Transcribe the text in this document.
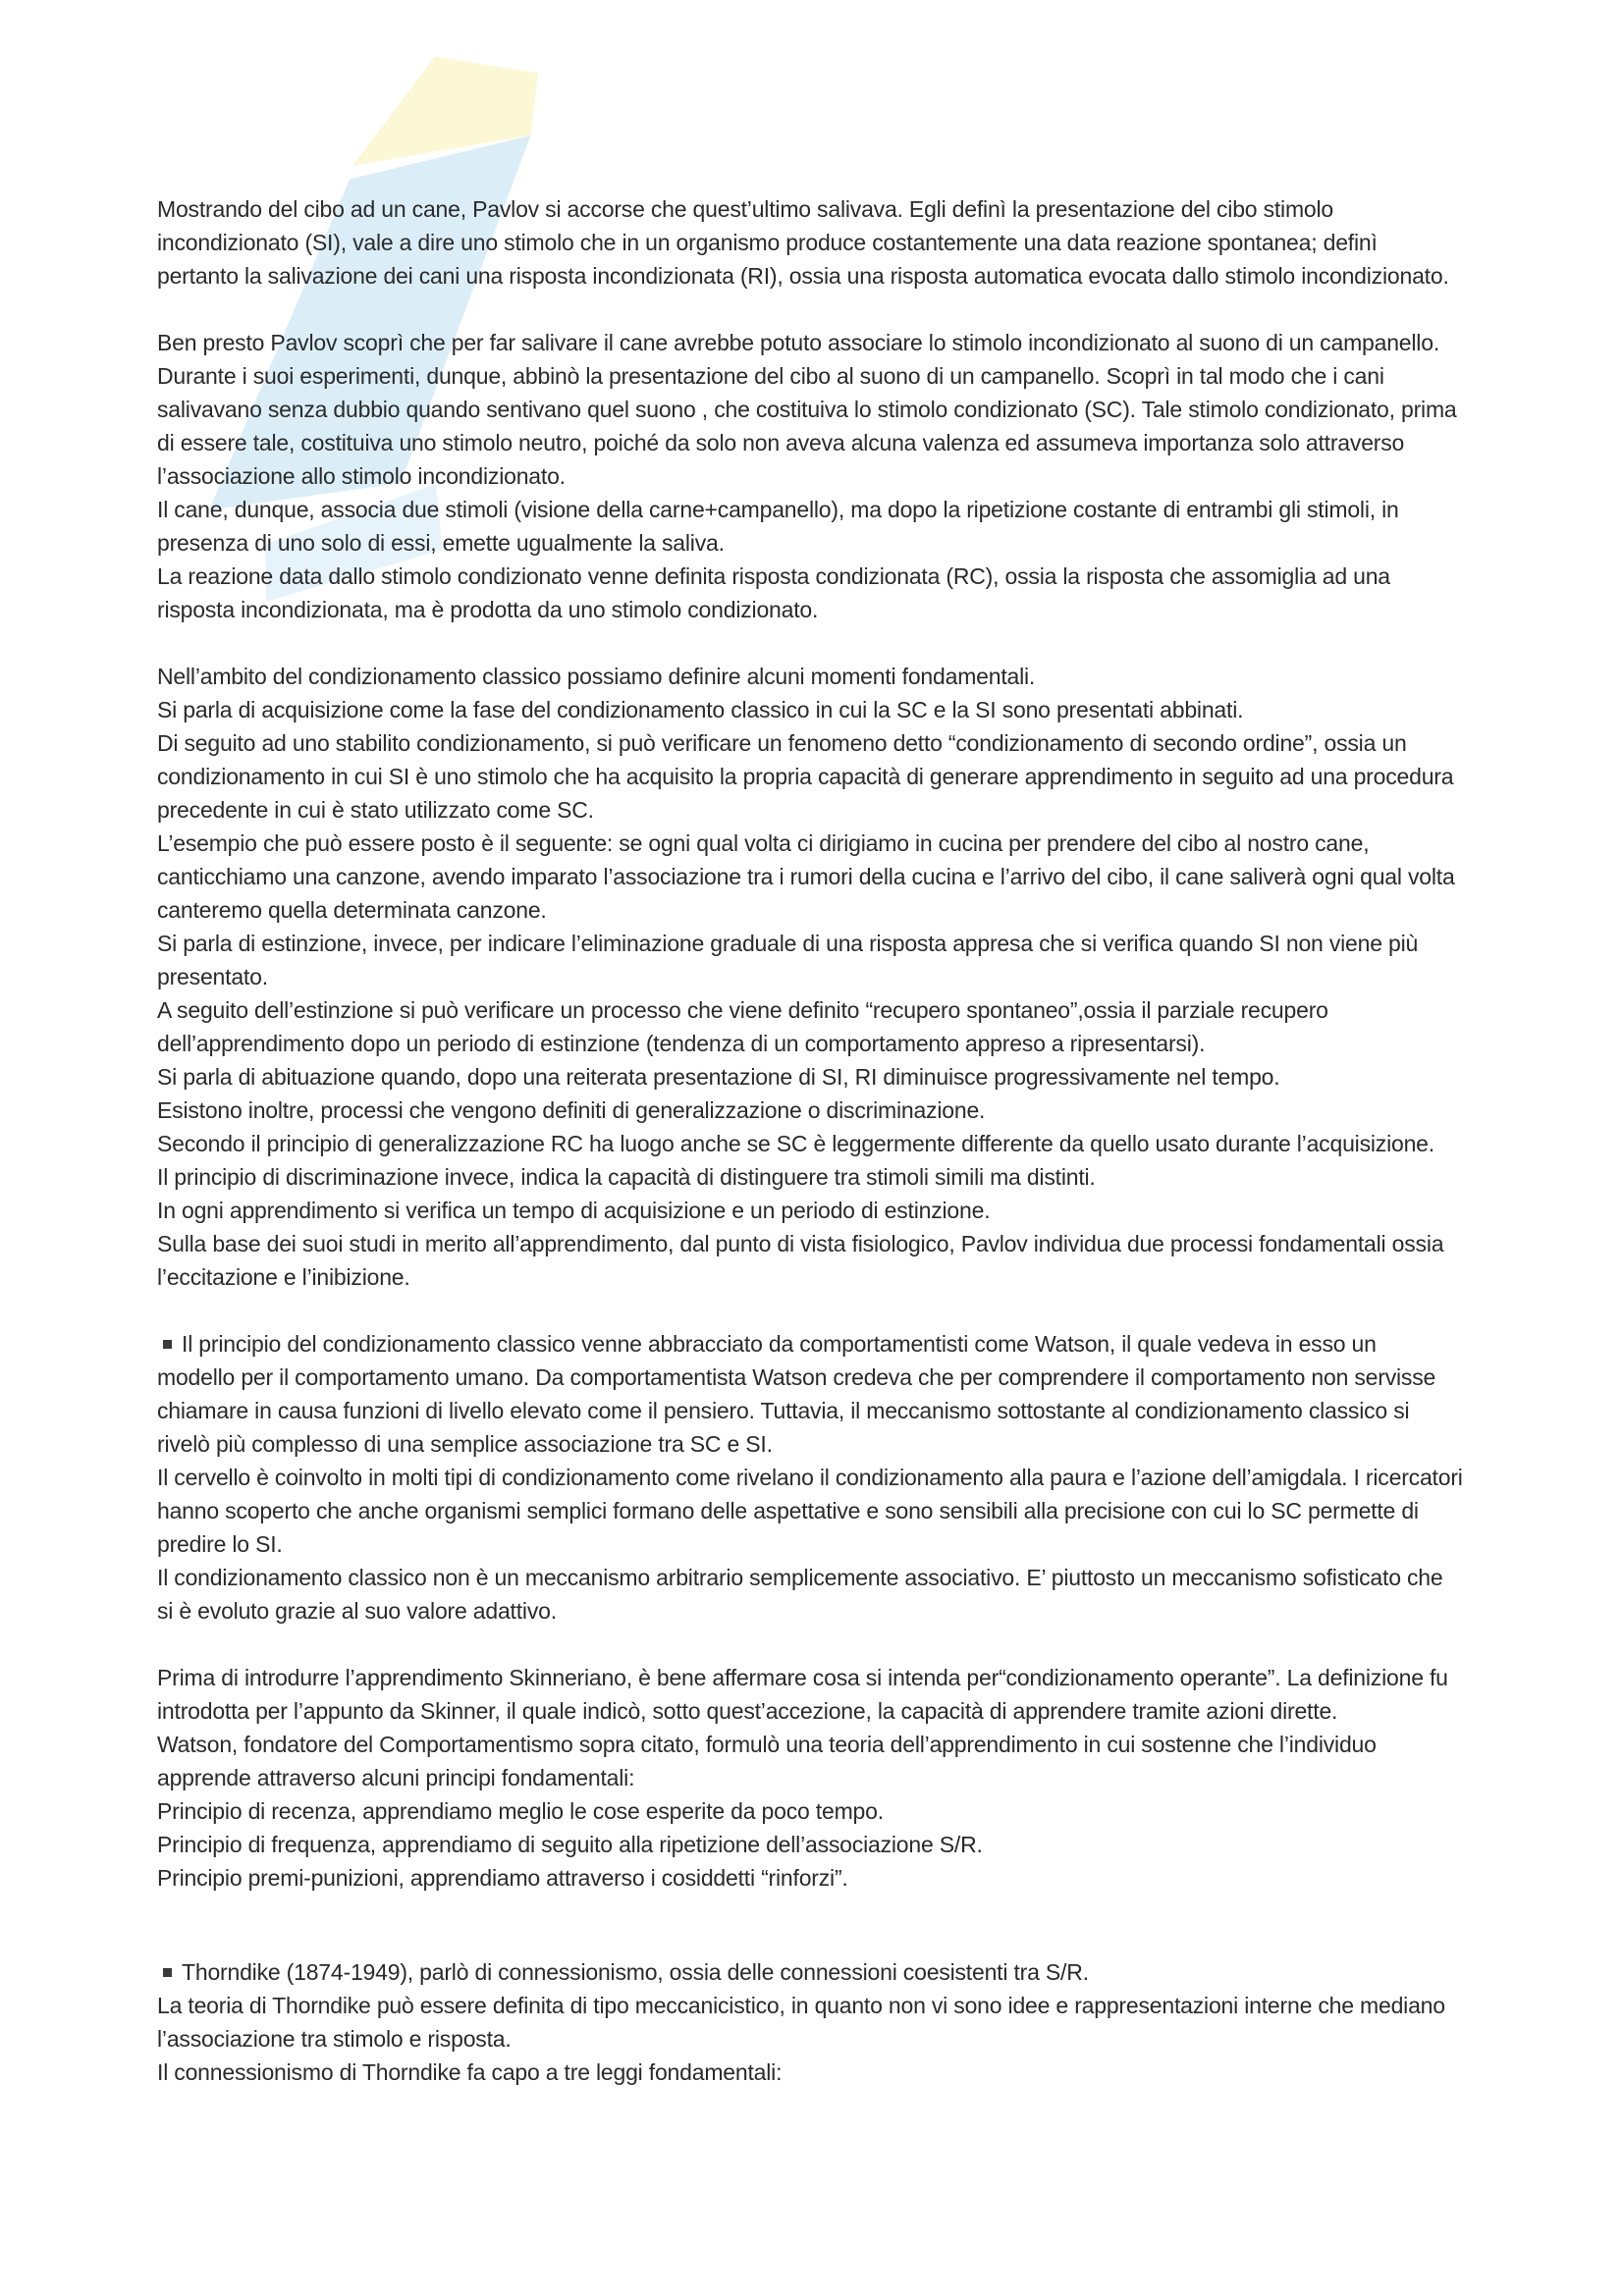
Mostrando del cibo ad un cane, Pavlov si accorse che quest’ultimo salivava. Egli definì la presentazione del cibo stimolo
incondizionato (SI), vale a dire uno stimolo che in un organismo produce costantemente una data reazione spontanea; definì
pertanto la salivazione dei cani una risposta incondizionata (RI), ossia una risposta automatica evocata dallo stimolo incondizionato.
Ben presto Pavlov scoprì che per far salivare il cane avrebbe potuto associare lo stimolo incondizionato al suono di un campanello.
Durante i suoi esperimenti, dunque, abbinò la presentazione del cibo al suono di un campanello. Scoprì in tal modo che i cani
salivavano senza dubbio quando sentivano quel suono , che costituiva lo stimolo condizionato (SC). Tale stimolo condizionato, prima
di essere tale, costituiva uno stimolo neutro, poiché da solo non aveva alcuna valenza ed assumeva importanza solo attraverso
l’associazione allo stimolo incondizionato.
Il cane, dunque, associa due stimoli (visione della carne+campanello), ma dopo la ripetizione costante di entrambi gli stimoli, in
presenza di uno solo di essi, emette ugualmente la saliva.
La reazione data dallo stimolo condizionato venne definita risposta condizionata (RC), ossia la risposta che assomiglia ad una
risposta incondizionata, ma è prodotta da uno stimolo condizionato.
Nell’ambito del condizionamento classico possiamo definire alcuni momenti fondamentali.
Si parla di acquisizione come la fase del condizionamento classico in cui la SC e la SI sono presentati abbinati.
Di seguito ad uno stabilito condizionamento, si può verificare un fenomeno detto “condizionamento di secondo ordine”, ossia un
condizionamento in cui SI è uno stimolo che ha acquisito la propria capacità di generare apprendimento in seguito ad una procedura
precedente in cui è stato utilizzato come SC.
L’esempio che può essere posto è il seguente: se ogni qual volta ci dirigiamo in cucina per prendere del cibo al nostro cane,
canticchiamo una canzone, avendo imparato l’associazione tra i rumori della cucina e l’arrivo del cibo, il cane saliverà ogni qual volta
canteremo quella determinata canzone.
Si parla di estinzione, invece, per indicare l’eliminazione graduale di una risposta appresa che si verifica quando SI non viene più
presentato.
A seguito dell’estinzione si può verificare un processo che viene definito “recupero spontaneo”,ossia il parziale recupero
dell’apprendimento dopo un periodo di estinzione (tendenza di un comportamento appreso a ripresentarsi).
Si parla di abituazione quando, dopo una reiterata presentazione di SI, RI diminuisce progressivamente nel tempo.
Esistono inoltre, processi che vengono definiti di generalizzazione o discriminazione.
Secondo il principio di generalizzazione RC ha luogo anche se SC è leggermente differente da quello usato durante l’acquisizione.
Il principio di discriminazione invece, indica la capacità di distinguere tra stimoli simili ma distinti.
In ogni apprendimento si verifica un tempo di acquisizione e un periodo di estinzione.
Sulla base dei suoi studi in merito all’apprendimento, dal punto di vista fisiologico, Pavlov individua due processi fondamentali ossia
l’eccitazione e l’inibizione.
Il principio del condizionamento classico venne abbracciato da comportamentisti come Watson, il quale vedeva in esso un
modello per il comportamento umano. Da comportamentista Watson credeva che per comprendere il comportamento non servisse
chiamare in causa funzioni di livello elevato come il pensiero. Tuttavia, il meccanismo sottostante al condizionamento classico si
rivelò più complesso di una semplice associazione tra SC e SI.
Il cervello è coinvolto in molti tipi di condizionamento come rivelano il condizionamento alla paura e l’azione dell’amigdala. I ricercatori
hanno scoperto che anche organismi semplici formano delle aspettative e sono sensibili alla precisione con cui lo SC permette di
predire lo SI.
Il condizionamento classico non è un meccanismo arbitrario semplicemente associativo. E’ piuttosto un meccanismo sofisticato che
si è evoluto grazie al suo valore adattivo.
Prima di introdurre l’apprendimento Skinneriano, è bene affermare cosa si intenda per“condizionamento operante”. La definizione fu
introdotta per l’appunto da Skinner, il quale indicò, sotto quest’accezione, la capacità di apprendere tramite azioni dirette.
Watson, fondatore del Comportamentismo sopra citato, formulò una teoria dell’apprendimento in cui sostenne che l’individuo
apprende attraverso alcuni principi fondamentali:
Principio di recenza, apprendiamo meglio le cose esperite da poco tempo.
Principio di frequenza, apprendiamo di seguito alla ripetizione dell’associazione S/R.
Principio premi-punizioni, apprendiamo attraverso i cosiddetti “rinforzi”.
Thorndike (1874-1949), parlò di connessionismo, ossia delle connessioni coesistenti tra S/R.
La teoria di Thorndike può essere definita di tipo meccanicistico, in quanto non vi sono idee e rappresentazioni interne che mediano
l’associazione tra stimolo e risposta.
Il connessionismo di Thorndike fa capo a tre leggi fondamentali:
